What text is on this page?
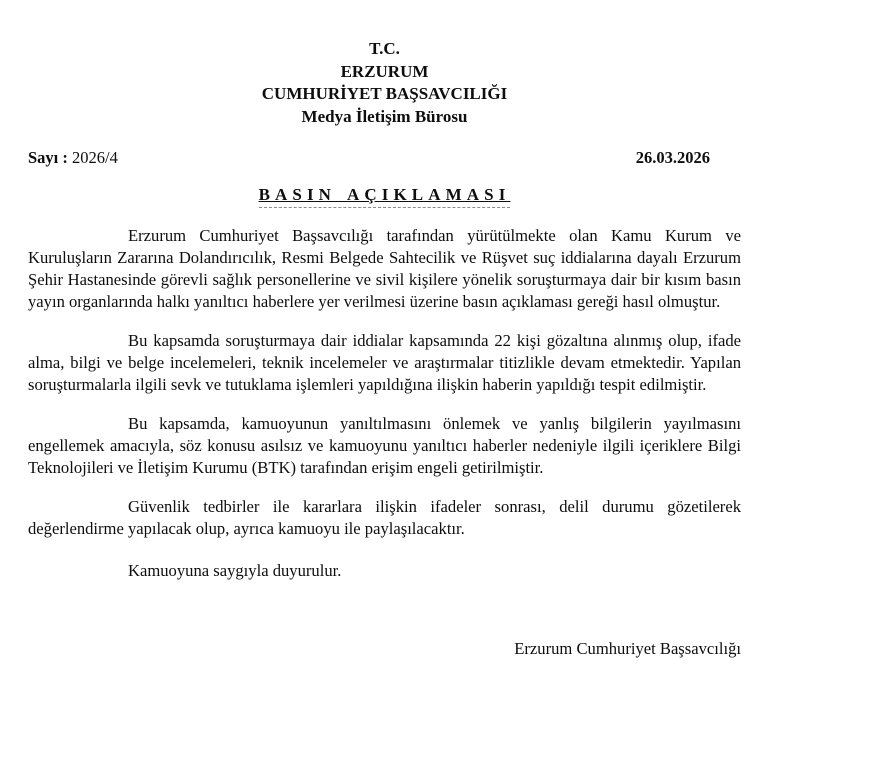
T.C.
ERZURUM
CUMHURİYET BAŞSAVCILIĞI
Medya İletişim Bürosu
Sayı : 2026/4	26.03.2026
BASIN AÇIKLAMASI

Erzurum Cumhuriyet Başsavcılığı tarafından yürütülmekte olan Kamu Kurum ve Kuruluşların Zararına Dolandırıcılık, Resmi Belgede Sahtecilik ve Rüşvet suç iddialarına dayalı Erzurum Şehir Hastanesinde görevli sağlık personellerine ve sivil kişilere yönelik soruşturmaya dair bir kısım basın yayın organlarında halkı yanıltıcı haberlere yer verilmesi üzerine basın açıklaması gereği hasıl olmuştur.

Bu kapsamda soruşturmaya dair iddialar kapsamında 22 kişi gözaltına alınmış olup, ifade alma, bilgi ve belge incelemeleri, teknik incelemeler ve araştırmalar titizlikle devam etmektedir. Yapılan soruşturmalarla ilgili sevk ve tutuklama işlemleri yapıldığına ilişkin haberin yapıldığı tespit edilmiştir.

Bu kapsamda, kamuoyunun yanıltılmasını önlemek ve yanlış bilgilerin yayılmasını engellemek amacıyla, söz konusu asılsız ve kamuoyunu yanıltıcı haberler nedeniyle ilgili içeriklere Bilgi Teknolojileri ve İletişim Kurumu (BTK) tarafından erişim engeli getirilmiştir.

Güvenlik tedbirler ile kararlara ilişkin ifadeler sonrası, delil durumu gözetilerek değerlendirme yapılacak olup, ayrıca kamuoyu ile paylaşılacaktır.

Kamuoyuna saygıyla duyurulur.

Erzurum Cumhuriyet Başsavcılığı
